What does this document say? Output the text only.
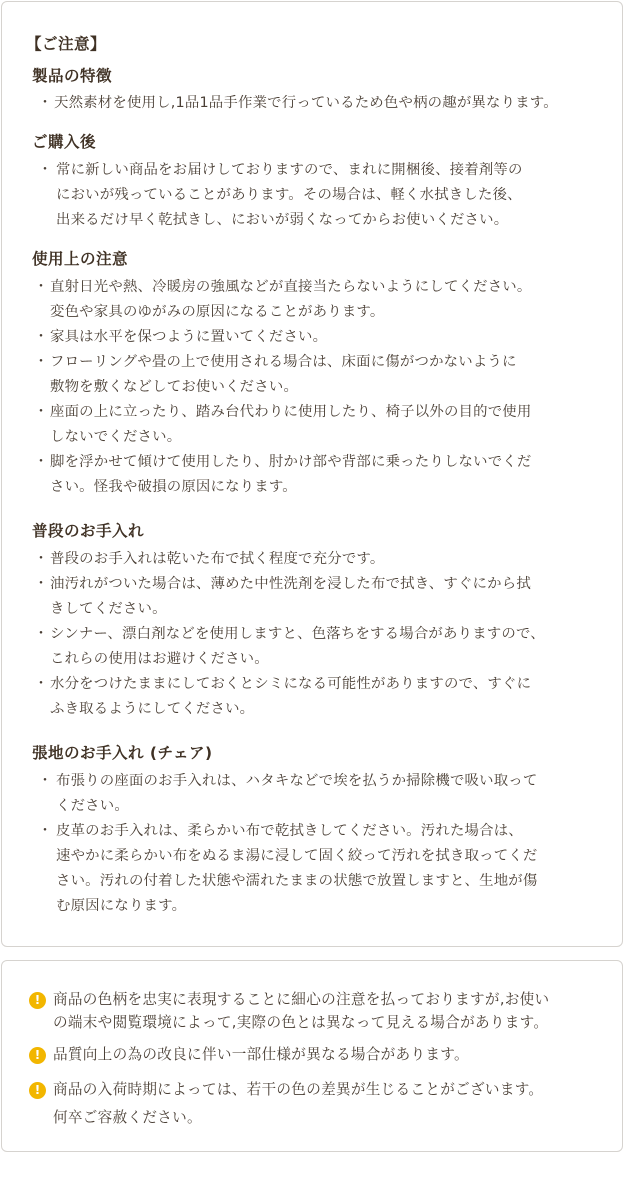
【ご注意】
製品の特徴
・ 天然素材を使用し,1品1品手作業で行っているため色や柄の趣が異なります。
ご購入後
・ 常に新しい商品をお届けしておりますので、まれに開梱後、接着剤等の
においが残っていることがあります。その場合は、軽く水拭きした後、
出来るだけ早く乾拭きし、においが弱くなってからお使いください。
使用上の注意
・ 直射日光や熱、冷暖房の強風などが直接当たらないようにしてください。
変色や家具のゆがみの原因になることがあります。
・ 家具は水平を保つように置いてください。
・ フローリングや畳の上で使用される場合は、床面に傷がつかないように
敷物を敷くなどしてお使いください。
・ 座面の上に立ったり、踏み台代わりに使用したり、椅子以外の目的で使用
しないでください。
・ 脚を浮かせて傾けて使用したり、肘かけ部や背部に乗ったりしないでくだ
さい。怪我や破損の原因になります。
普段のお手入れ
・ 普段のお手入れは乾いた布で拭く程度で充分です。
・ 油汚れがついた場合は、薄めた中性洗剤を浸した布で拭き、すぐにから拭
きしてください。
・ シンナー、漂白剤などを使用しますと、色落ちをする場合がありますので、
これらの使用はお避けください。
・ 水分をつけたままにしておくとシミになる可能性がありますので、すぐに
ふき取るようにしてください。
張地のお手入れ (チェア)
・ 布張りの座面のお手入れは、ハタキなどで埃を払うか掃除機で吸い取って
ください。
・ 皮革のお手入れは、柔らかい布で乾拭きしてください。汚れた場合は、
速やかに柔らかい布をぬるま湯に浸して固く絞って汚れを拭き取ってくだ
さい。汚れの付着した状態や濡れたままの状態で放置しますと、生地が傷
む原因になります。
! 商品の色柄を忠実に表現することに細心の注意を払っておりますが,お使い
の端末や閲覧環境によって,実際の色とは異なって見える場合があります。
! 品質向上の為の改良に伴い一部仕様が異なる場合があります。
! 商品の入荷時期によっては、若干の色の差異が生じることがございます。
何卒ご容赦ください。
